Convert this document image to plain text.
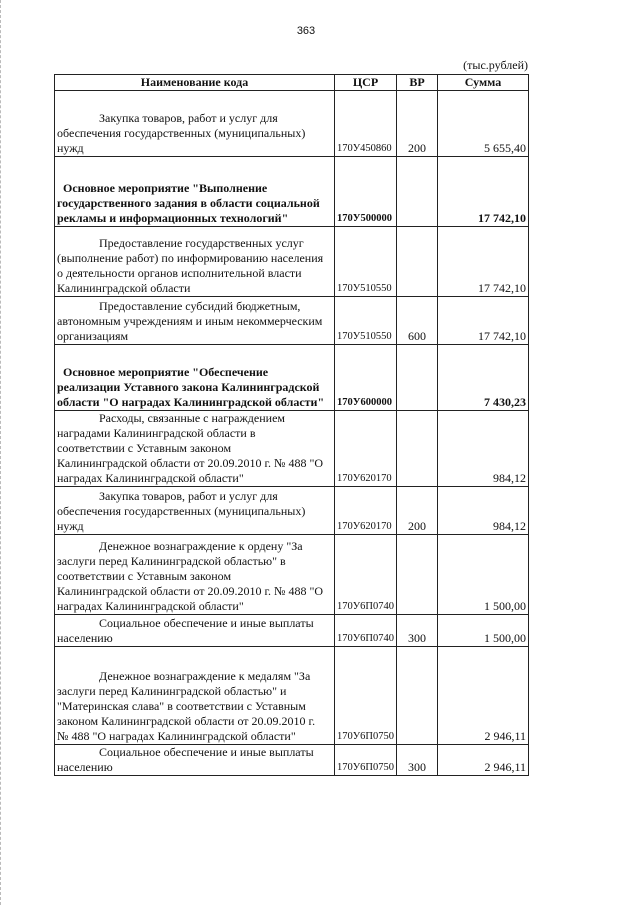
363
(тыс.рублей)
Наименование кода	ЦСР	ВР	Сумма

Закупка товаров, работ и услуг для
обеспечения государственных (муниципальных)
нужд	170У450860	200	5 655,40

Основное мероприятие "Выполнение
государственного задания в области социальной
рекламы и информационных технологий"	170У500000		17 742,10

Предоставление государственных услуг
(выполнение работ) по информированию населения
о деятельности органов исполнительной власти
Калининградской области	170У510550		17 742,10

Предоставление субсидий бюджетным,
автономным учреждениям и иным некоммерческим
организациям	170У510550	600	17 742,10

Основное мероприятие "Обеспечение
реализации Уставного закона Калининградской
области "О наградах Калининградской области"	170У600000		7 430,23

Расходы, связанные с награждением
наградами Калининградской области в
соответствии с Уставным законом
Калининградской области от 20.09.2010 г. № 488 "О
наградах Калининградской области"	170У620170		984,12

Закупка товаров, работ и услуг для
обеспечения государственных (муниципальных)
нужд	170У620170	200	984,12

Денежное вознаграждение к ордену "За
заслуги перед Калининградской областью" в
соответствии с Уставным законом
Калининградской области от 20.09.2010 г. № 488 "О
наградах Калининградской области"	170У6П0740		1 500,00

Социальное обеспечение и иные выплаты
населению	170У6П0740	300	1 500,00

Денежное вознаграждение к медалям "За
заслуги перед Калининградской областью" и
"Материнская слава" в соответствии с Уставным
законом Калининградской области от 20.09.2010 г.
№ 488 "О наградах Калининградской области"	170У6П0750		2 946,11

Социальное обеспечение и иные выплаты
населению	170У6П0750	300	2 946,11
